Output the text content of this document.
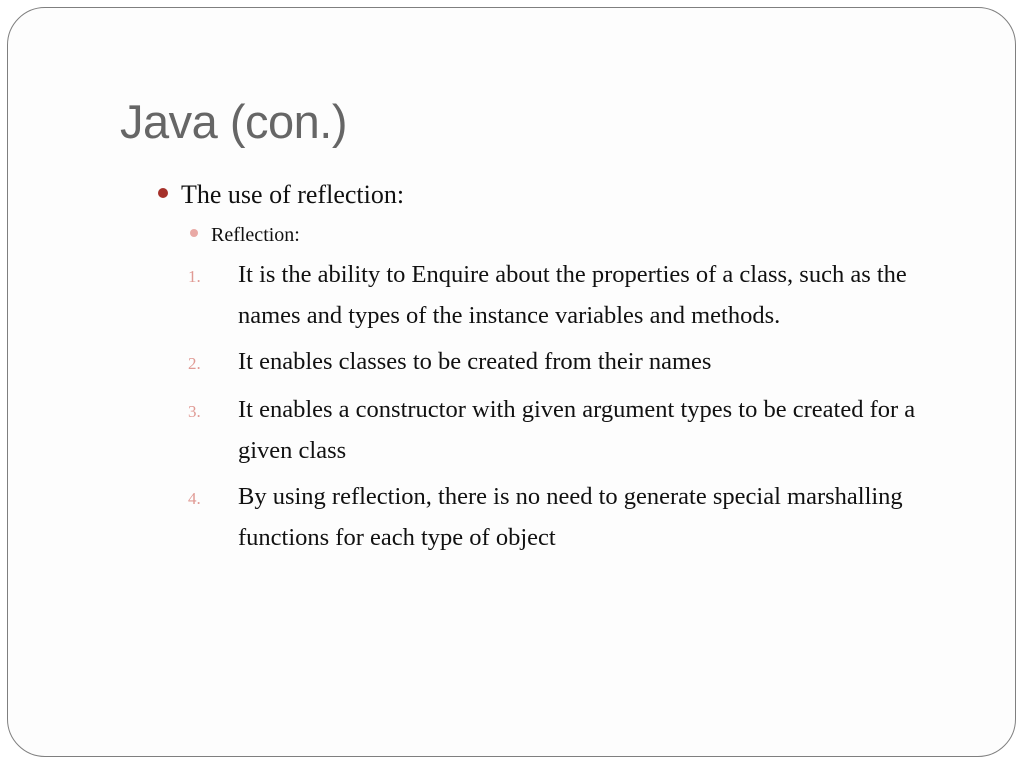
Java (con.)
The use of reflection:
Reflection:
1.	It is the ability to Enquire about the properties of a class, such as the names and types of the instance variables and methods.
2.	It enables classes to be created from their names
3.	It enables a constructor with given argument types to be created for a given class
4.	By using reflection, there is no need to generate special marshalling functions for each type of object
